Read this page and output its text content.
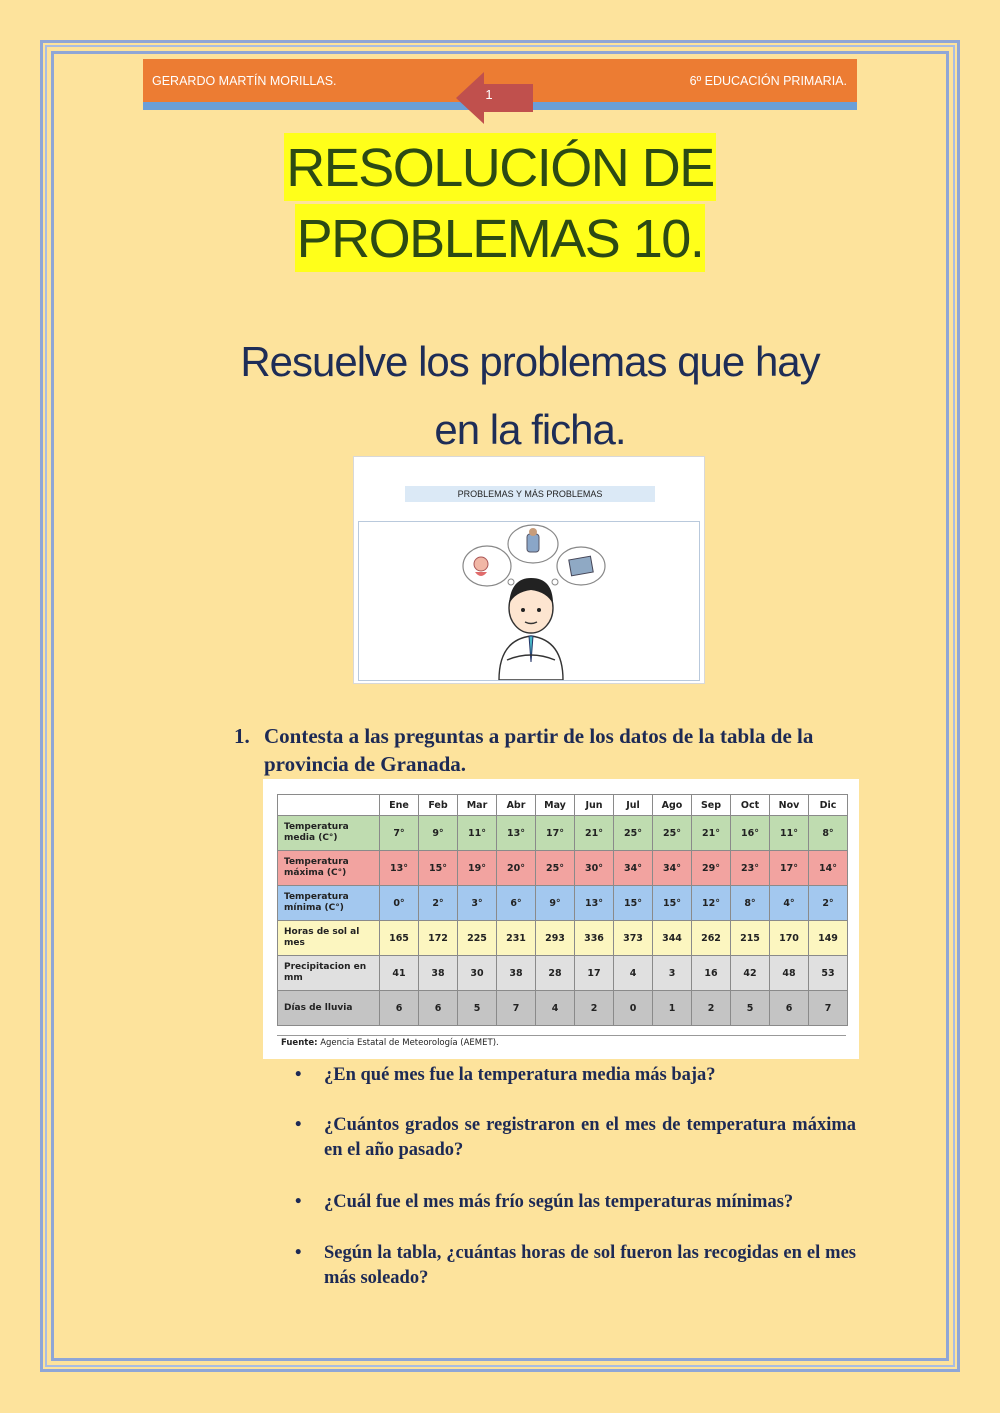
GERARDO MARTÍN MORILLAS.	6º EDUCACIÓN PRIMARIA.
1
RESOLUCIÓN DE
PROBLEMAS 10.
Resuelve los problemas que hay
en la ficha.
PROBLEMAS Y MÁS PROBLEMAS
1. Contesta a las preguntas a partir de los datos de la tabla de la provincia de Granada.
	Ene	Feb	Mar	Abr	May	Jun	Jul	Ago	Sep	Oct	Nov	Dic
Temperatura media (C°)	7°	9°	11°	13°	17°	21°	25°	25°	21°	16°	11°	8°
Temperatura máxima (C°)	13°	15°	19°	20°	25°	30°	34°	34°	29°	23°	17°	14°
Temperatura mínima (C°)	0°	2°	3°	6°	9°	13°	15°	15°	12°	8°	4°	2°
Horas de sol al mes	165	172	225	231	293	336	373	344	262	215	170	149
Precipitacion en mm	41	38	30	38	28	17	4	3	16	42	48	53
Días de lluvia	6	6	5	7	4	2	0	1	2	5	6	7
Fuente: Agencia Estatal de Meteorología (AEMET).
• ¿En qué mes fue la temperatura media más baja?
• ¿Cuántos grados se registraron en el mes de temperatura máxima en el año pasado?
• ¿Cuál fue el mes más frío según las temperaturas mínimas?
• Según la tabla, ¿cuántas horas de sol fueron las recogidas en el mes más soleado?
